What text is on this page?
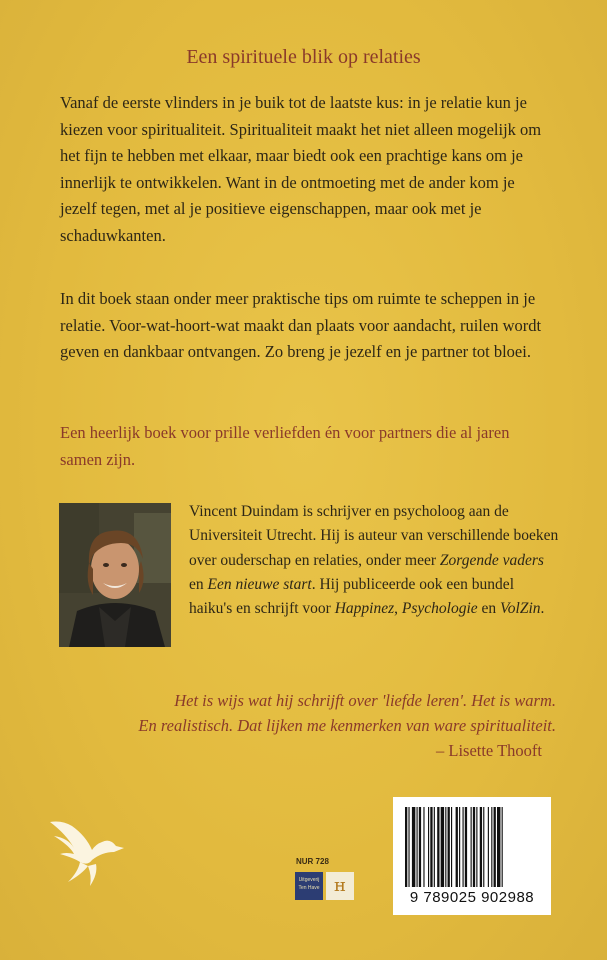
Een spirituele blik op relaties

Vanaf de eerste vlinders in je buik tot de laatste kus: in je relatie kun je kiezen voor spiritualiteit. Spiritualiteit maakt het niet alleen mogelijk om het fijn te hebben met elkaar, maar biedt ook een prachtige kans om je innerlijk te ontwikkelen. Want in de ontmoeting met de ander kom je jezelf tegen, met al je positieve eigenschappen, maar ook met je schaduwkanten.

In dit boek staan onder meer praktische tips om ruimte te scheppen in je relatie. Voor-wat-hoort-wat maakt dan plaats voor aandacht, ruilen wordt geven en dankbaar ontvangen. Zo breng je jezelf en je partner tot bloei.

Een heerlijk boek voor prille verliefden én voor partners die al jaren samen zijn.

Vincent Duindam is schrijver en psycholoog aan de Universiteit Utrecht. Hij is auteur van verschillende boeken over ouderschap en relaties, onder meer Zorgende vaders en Een nieuwe start. Hij publiceerde ook een bundel haiku's en schrijft voor Happinez, Psychologie en VolZin.

Het is wijs wat hij schrijft over 'liefde leren'. Het is warm.
En realistisch. Dat lijken me kenmerken van ware spiritualiteit.
– Lisette Thooft

NUR 728
Uitgeverij
Ten Have ʜ
9 789025 902988
